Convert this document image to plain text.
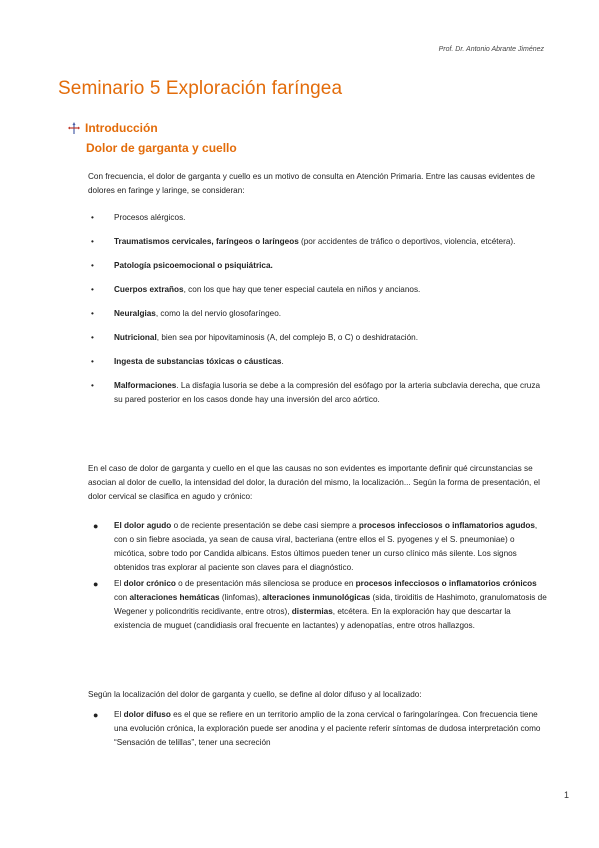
Prof. Dr. Antonio Abrante Jiménez
Seminario 5 Exploración faríngea
Introducción
Dolor de garganta y cuello

Con frecuencia, el dolor de garganta y cuello es un motivo de consulta en Atención Primaria. Entre las causas evidentes de dolores en faringe y laringe, se consideran:

• Procesos alérgicos.
• Traumatismos cervicales, faríngeos o laríngeos (por accidentes de tráfico o deportivos, violencia, etcétera).
• Patología psicoemocional o psiquiátrica.
• Cuerpos extraños, con los que hay que tener especial cautela en niños y ancianos.
• Neuralgias, como la del nervio glosofaríngeo.
• Nutricional, bien sea por hipovitaminosis (A, del complejo B, o C) o deshidratación.
• Ingesta de substancias tóxicas o cáusticas.
• Malformaciones. La disfagia lusoria se debe a la compresión del esófago por la arteria subclavia derecha, que cruza su pared posterior en los casos donde hay una inversión del arco aórtico.

En el caso de dolor de garganta y cuello en el que las causas no son evidentes es importante definir qué circunstancias se asocian al dolor de cuello, la intensidad del dolor, la duración del mismo, la localización... Según la forma de presentación, el dolor cervical se clasifica en agudo y crónico:

● El dolor agudo o de reciente presentación se debe casi siempre a procesos infecciosos o inflamatorios agudos, con o sin fiebre asociada, ya sean de causa viral, bacteriana (entre ellos el S. pyogenes y el S. pneumoniae) o micótica, sobre todo por Candida albicans. Estos últimos pueden tener un curso clínico más silente. Los signos obtenidos tras explorar al paciente son claves para el diagnóstico.
● El dolor crónico o de presentación más silenciosa se produce en procesos infecciosos o inflamatorios crónicos con alteraciones hemáticas (linfomas), alteraciones inmunológicas (sida, tiroiditis de Hashimoto, granulomatosis de Wegener y policondritis recidivante, entre otros), distermias, etcétera. En la exploración hay que descartar la existencia de muguet (candidiasis oral frecuente en lactantes) y adenopatías, entre otros hallazgos.

Según la localización del dolor de garganta y cuello, se define al dolor difuso y al localizado:

● El dolor difuso es el que se refiere en un territorio amplio de la zona cervical o faringolaríngea. Con frecuencia tiene una evolución crónica, la exploración puede ser anodina y el paciente referir síntomas de dudosa interpretación como “Sensación de telillas”, tener una secreción
1
